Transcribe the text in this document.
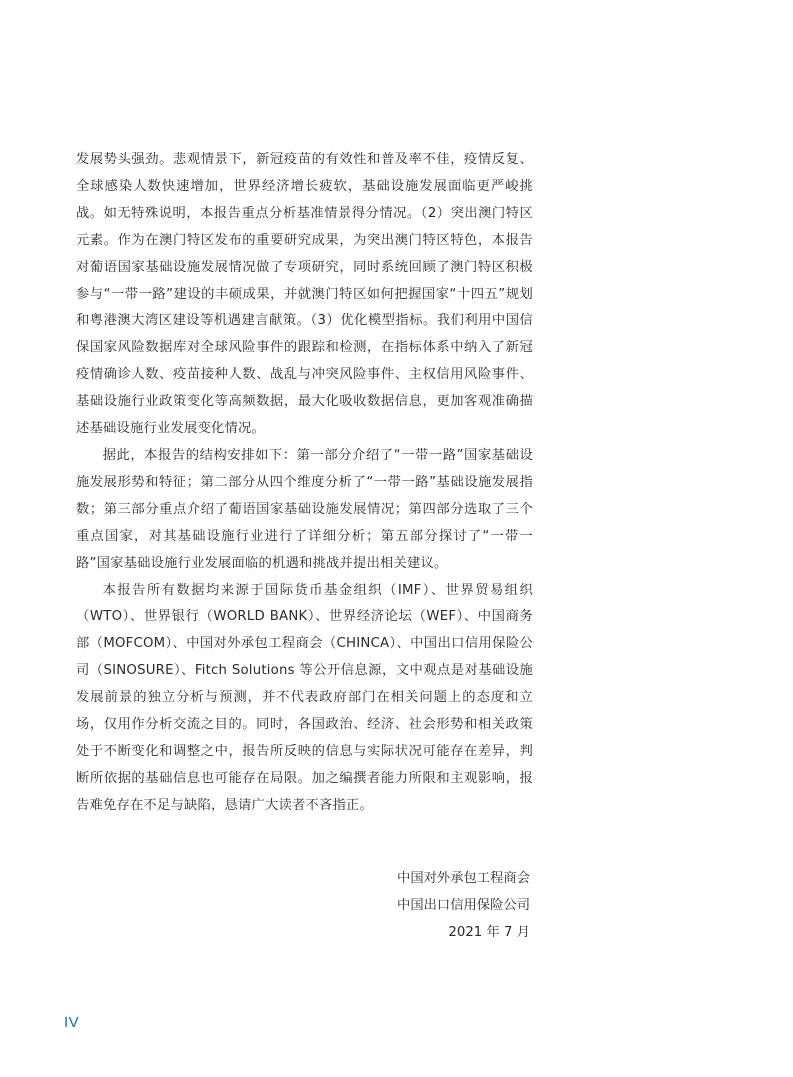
发展势头强劲。悲观情景下，新冠疫苗的有效性和普及率不佳，疫情反复、全球感染人数快速增加，世界经济增长疲软，基础设施发展面临更严峻挑战。如无特殊说明，本报告重点分析基准情景得分情况。（2）突出澳门特区元素。作为在澳门特区发布的重要研究成果，为突出澳门特区特色，本报告对葡语国家基础设施发展情况做了专项研究，同时系统回顾了澳门特区积极参与“一带一路”建设的丰硕成果，并就澳门特区如何把握国家“十四五”规划和粤港澳大湾区建设等机遇建言献策。（3）优化模型指标。我们利用中国信保国家风险数据库对全球风险事件的跟踪和检测，在指标体系中纳入了新冠疫情确诊人数、疫苗接种人数、战乱与冲突风险事件、主权信用风险事件、基础设施行业政策变化等高频数据，最大化吸收数据信息，更加客观准确描述基础设施行业发展变化情况。

据此，本报告的结构安排如下：第一部分介绍了“一带一路”国家基础设施发展形势和特征；第二部分从四个维度分析了“一带一路”基础设施发展指数；第三部分重点介绍了葡语国家基础设施发展情况；第四部分选取了三个重点国家，对其基础设施行业进行了详细分析；第五部分探讨了“一带一路”国家基础设施行业发展面临的机遇和挑战并提出相关建议。

本报告所有数据均来源于国际货币基金组织（IMF）、世界贸易组织（WTO）、世界银行（WORLD BANK）、世界经济论坛（WEF）、中国商务部（MOFCOM）、中国对外承包工程商会（CHINCA）、中国出口信用保险公司（SINOSURE）、Fitch Solutions 等公开信息源，文中观点是对基础设施发展前景的独立分析与预测，并不代表政府部门在相关问题上的态度和立场，仅用作分析交流之目的。同时，各国政治、经济、社会形势和相关政策处于不断变化和调整之中，报告所反映的信息与实际状况可能存在差异，判断所依据的基础信息也可能存在局限。加之编撰者能力所限和主观影响，报告难免存在不足与缺陷，恳请广大读者不吝指正。

中国对外承包工程商会
中国出口信用保险公司
2021 年 7 月
IV
